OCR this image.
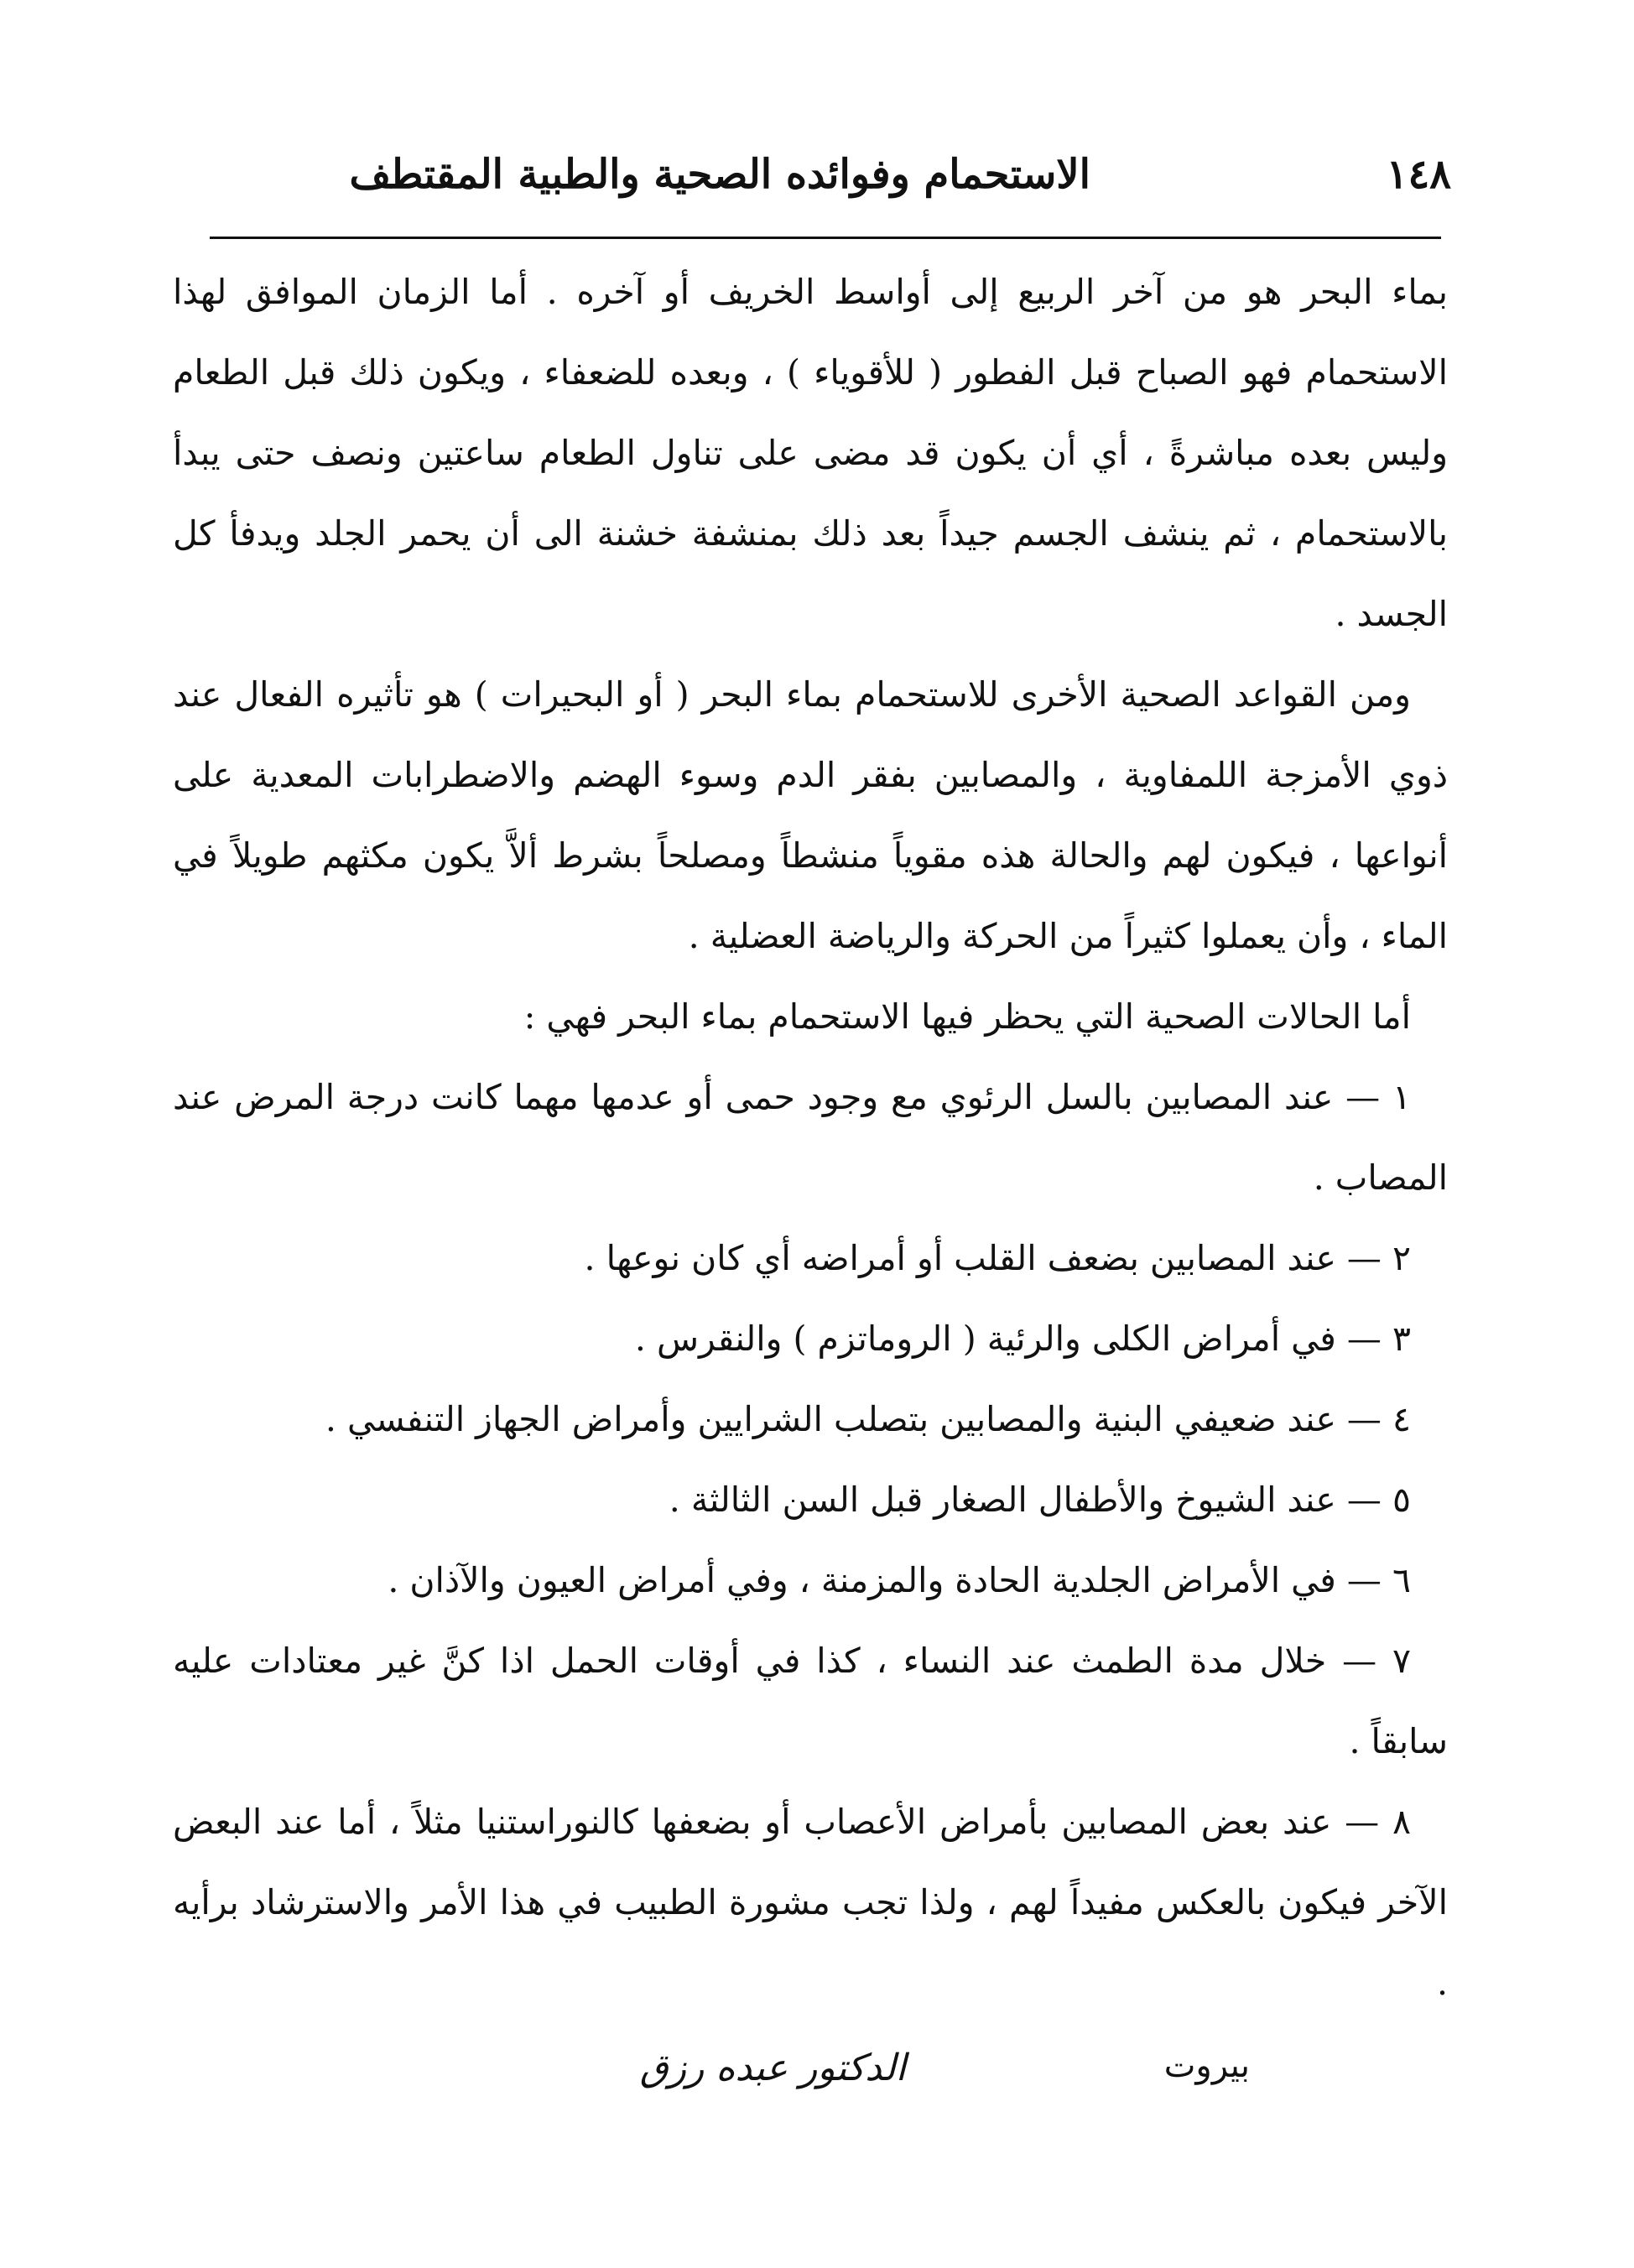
١٤٨
الاستحمام وفوائده الصحية والطبية
المقتطف

بماء البحر هو من آخر الربيع إلى أواسط الخريف أو آخره . أما الزمان الموافق لهذا الاستحمام فهو الصباح قبل الفطور ( للأقوياء ) ، وبعده للضعفاء ، ويكون ذلك قبل الطعام وليس بعده مباشرةً ، أي أن يكون قد مضى على تناول الطعام ساعتين ونصف حتى يبدأ بالاستحمام ، ثم ينشف الجسم جيداً بعد ذلك بمنشفة خشنة الى أن يحمر الجلد ويدفأ كل الجسد .

ومن القواعد الصحية الأخرى للاستحمام بماء البحر ( أو البحيرات ) هو تأثيره الفعال عند ذوي الأمزجة اللمفاوية ، والمصابين بفقر الدم وسوء الهضم والاضطرابات المعدية على أنواعها ، فيكون لهم والحالة هذه مقوياً منشطاً ومصلحاً بشرط ألاَّ يكون مكثهم طويلاً في الماء ، وأن يعملوا كثيراً من الحركة والرياضة العضلية .

أما الحالات الصحية التي يحظر فيها الاستحمام بماء البحر فهي :

١ — عند المصابين بالسل الرئوي مع وجود حمى أو عدمها مهما كانت درجة المرض عند المصاب .

٢ — عند المصابين بضعف القلب أو أمراضه أي كان نوعها .

٣ — في أمراض الكلى والرئية ( الروماتزم ) والنقرس .

٤ — عند ضعيفي البنية والمصابين بتصلب الشرايين وأمراض الجهاز التنفسي .

٥ — عند الشيوخ والأطفال الصغار قبل السن الثالثة .

٦ — في الأمراض الجلدية الحادة والمزمنة ، وفي أمراض العيون والآذان .

٧ — خلال مدة الطمث عند النساء ، كذا في أوقات الحمل اذا كنَّ غير معتادات عليه سابقاً .

٨ — عند بعض المصابين بأمراض الأعصاب أو بضعفها كالنوراستنيا مثلاً ، أما عند البعض الآخر فيكون بالعكس مفيداً لهم ، ولذا تجب مشورة الطبيب في هذا الأمر والاسترشاد برأيه .

بيروت
الدكتور عبده رزق
